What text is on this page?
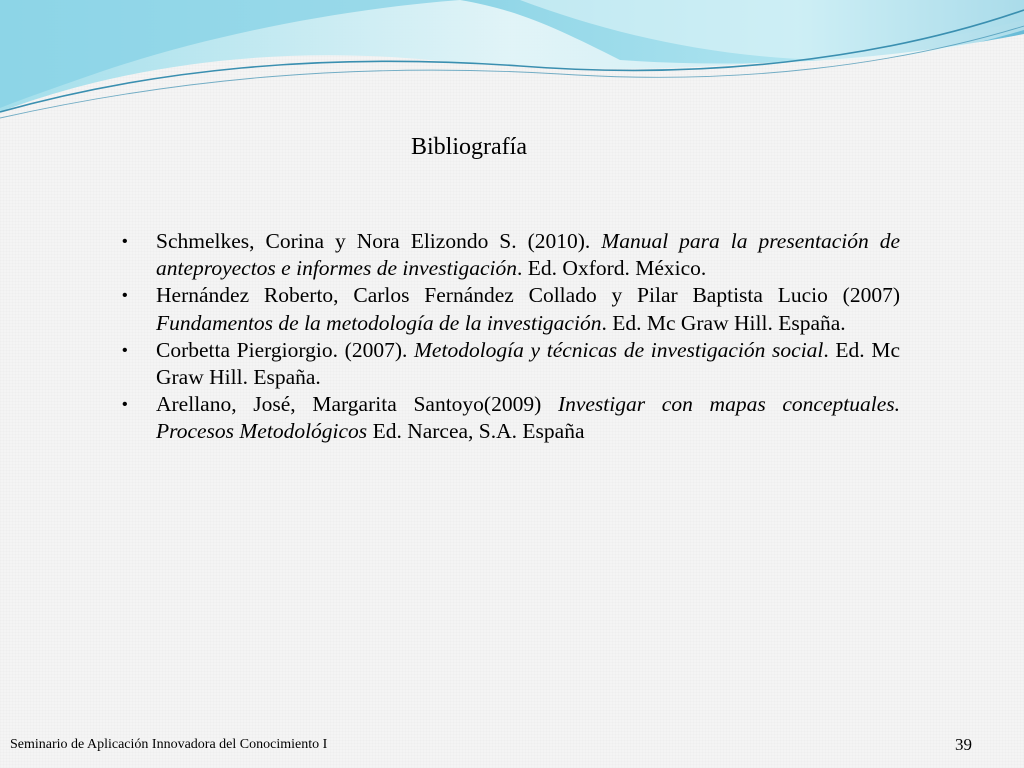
Bibliografía
• Schmelkes, Corina y Nora Elizondo S. (2010). Manual para la presentación de anteproyectos e informes de investigación. Ed. Oxford. México.
• Hernández Roberto, Carlos Fernández Collado y Pilar Baptista Lucio (2007) Fundamentos de la metodología de la investigación. Ed. Mc Graw Hill. España.
• Corbetta Piergiorgio. (2007). Metodología y técnicas de investigación social. Ed. Mc Graw Hill. España.
• Arellano, José, Margarita Santoyo(2009) Investigar con mapas conceptuales. Procesos Metodológicos Ed. Narcea, S.A. España
Seminario de Aplicación Innovadora del Conocimiento I	39
